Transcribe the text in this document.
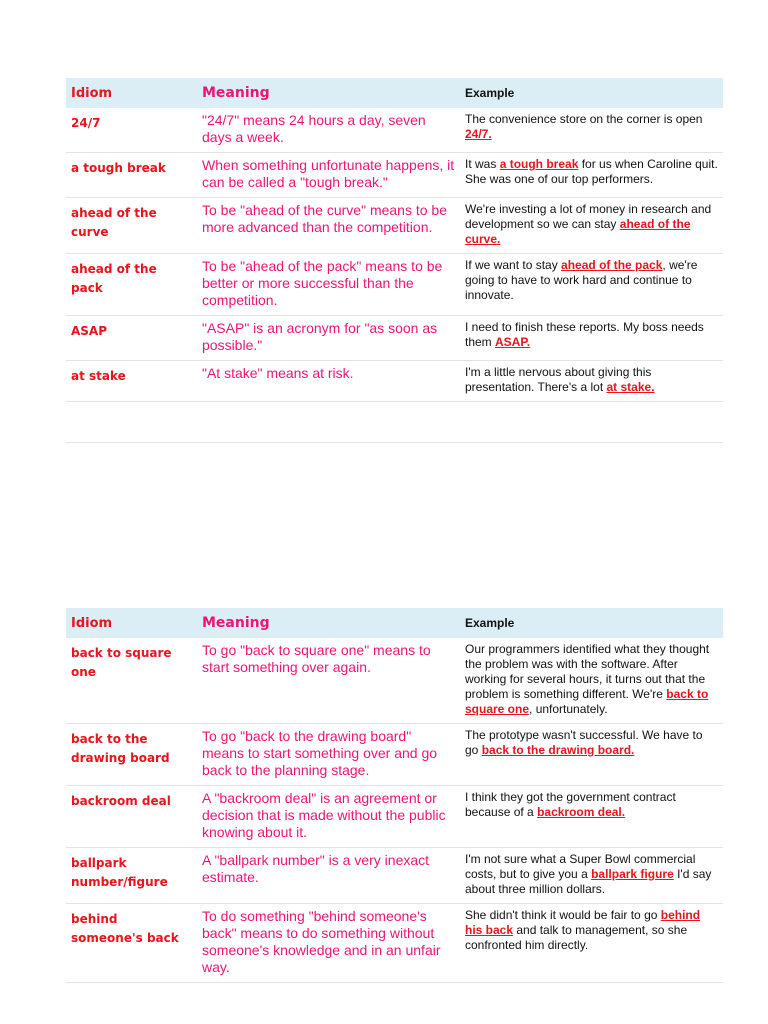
Idiom	Meaning	Example
24/7	"24/7" means 24 hours a day, seven days a week.	The convenience store on the corner is open 24/7.
a tough break	When something unfortunate happens, it can be called a "tough break."	It was a tough break for us when Caroline quit. She was one of our top performers.
ahead of the curve	To be "ahead of the curve" means to be more advanced than the competition.	We're investing a lot of money in research and development so we can stay ahead of the curve.
ahead of the pack	To be "ahead of the pack" means to be better or more successful than the competition.	If we want to stay ahead of the pack, we're going to have to work hard and continue to innovate.
ASAP	"ASAP" is an acronym for "as soon as possible."	I need to finish these reports. My boss needs them ASAP.
at stake	"At stake" means at risk.	I'm a little nervous about giving this presentation. There's a lot at stake.

Idiom	Meaning	Example
back to square one	To go "back to square one" means to start something over again.	Our programmers identified what they thought the problem was with the software. After working for several hours, it turns out that the problem is something different. We're back to square one, unfortunately.
back to the drawing board	To go "back to the drawing board" means to start something over and go back to the planning stage.	The prototype wasn't successful. We have to go back to the drawing board.
backroom deal	A "backroom deal" is an agreement or decision that is made without the public knowing about it.	I think they got the government contract because of a backroom deal.
ballpark number/figure	A "ballpark number" is a very inexact estimate.	I'm not sure what a Super Bowl commercial costs, but to give you a ballpark figure I'd say about three million dollars.
behind someone's back	To do something "behind someone's back" means to do something without someone's knowledge and in an unfair way.	She didn't think it would be fair to go behind his back and talk to management, so she confronted him directly.
